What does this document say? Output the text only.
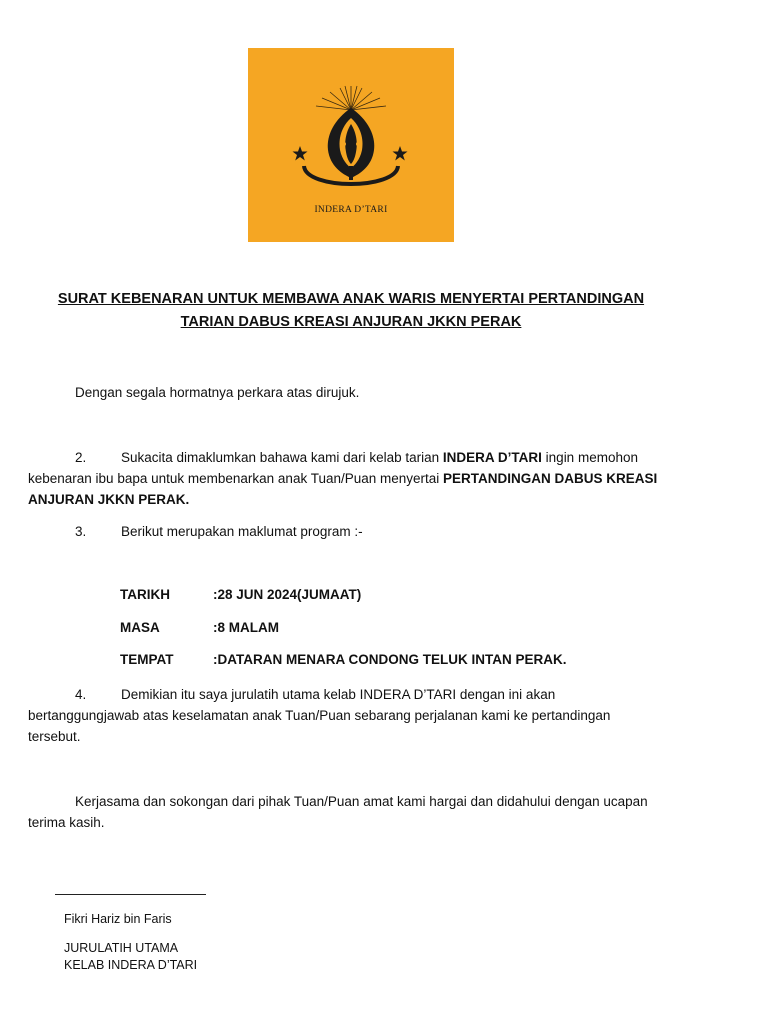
INDERA D’TARI
SURAT KEBENARAN UNTUK MEMBAWA ANAK WARIS MENYERTAI PERTANDINGAN
TARIAN DABUS KREASI ANJURAN JKKN PERAK
Dengan segala hormatnya perkara atas dirujuk.
2.	Sukacita dimaklumkan bahawa kami dari kelab tarian INDERA D’TARI ingin memohon
kebenaran ibu bapa untuk membenarkan anak Tuan/Puan menyertai PERTANDINGAN DABUS KREASI
ANJURAN JKKN PERAK.
3.	Berikut merupakan maklumat program :-
TARIKH	:28 JUN 2024(JUMAAT)
MASA	:8 MALAM
TEMPAT	:DATARAN MENARA CONDONG TELUK INTAN PERAK.
4.	Demikian itu saya jurulatih utama kelab INDERA D’TARI dengan ini akan
bertanggungjawab atas keselamatan anak Tuan/Puan sebarang perjalanan kami ke pertandingan
tersebut.
Kerjasama dan sokongan dari pihak Tuan/Puan amat kami hargai dan didahului dengan ucapan
terima kasih.
Fikri Hariz bin Faris
JURULATIH UTAMA
KELAB INDERA D’TARI
